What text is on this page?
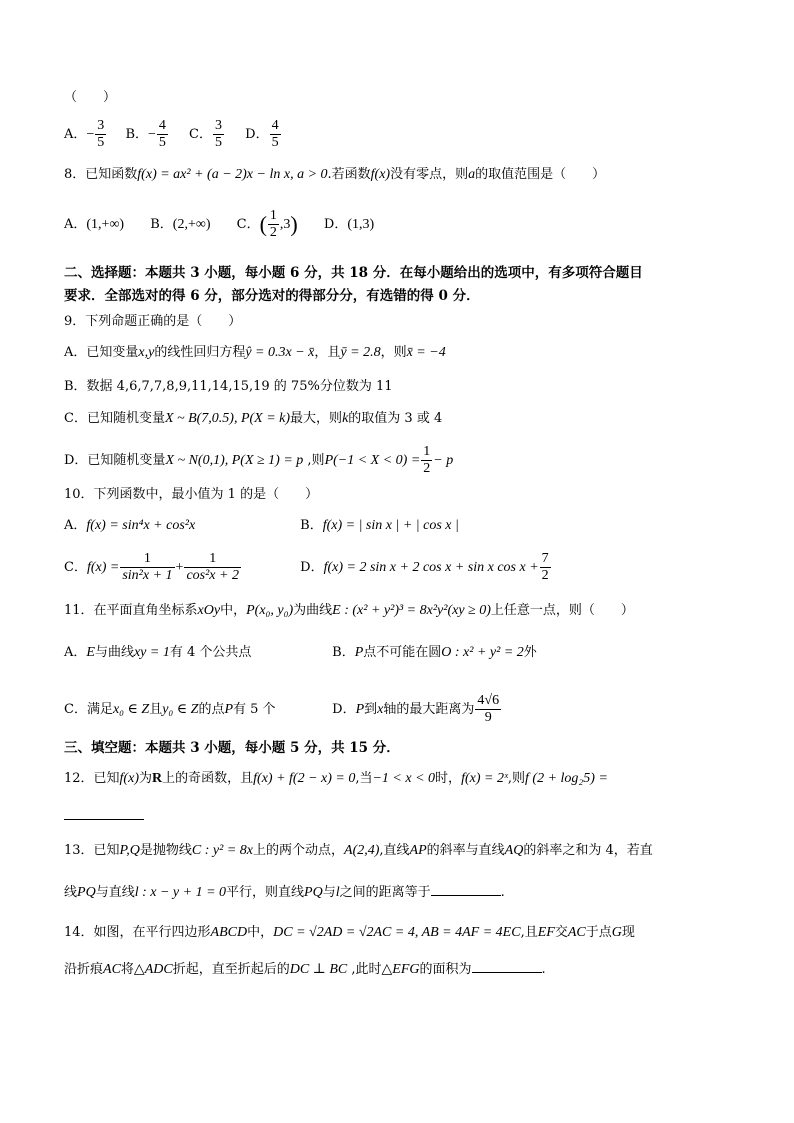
（　　）
A．− $\frac{3}{5}$ B．− $\frac{4}{5}$ C． $\frac{3}{5}$ D． $\frac{4}{5}$
8．已知函数f(x) = ax² + (a − 2)x − ln x, a > 0.若函数f(x)没有零点，则a的取值范围是（　　）
A．(1,+∞) B．(2,+∞) C．( $\frac{1}{2} ,3$) D．(1,3)
二、选择题：本题共 3 小题，每小题 6 分，共 18 分．在每小题给出的选项中，有多项符合题目
要求．全部选对的得 6 分，部分选对的得部分分，有选错的得 0 分．
9．下列命题正确的是（　　）
A．已知变量x,y的线性回归方程ŷ = 0.3x − x̄，且ȳ = 2.8，则x̄ = −4
B．数据 4,6,7,7,8,9,11,14,15,19 的 75%分位数为 11
C．已知随机变量X ~ B(7,0.5), P(X = k)最大，则k的取值为 3 或 4
D．已知随机变量X ~ N(0,1), P(X ≥ 1) = p ,则$P(-1 < X < 0) = \frac{1}{2} - p$
10．下列函数中，最小值为 1 的是（　　）
A．f(x) = sin⁴x + cos²x	B．f(x) = | sin x | + | cos x |
C．$f(x) = \frac{1}{\text{sin²x + 1}} + \frac{1}{\text{cos²x + 2}}$	D．f(x) = 2 sin x + 2 cos x + sin x $\cos x + \frac{7}{2}$
11．在平面直角坐标系xOy中，P(x₀, y₀)为曲线E : (x² + y²)³ = 8x²y²(xy ≥ 0)上任意一点，则（　　）
A．E与曲线xy = 1有 4 个公共点	B．P点不可能在圆O : x² + y² = 2外
C．满足x₀ ∈ Z且y₀ ∈ Z的点P有 5 个	D．P到x轴的最大距离为 $\frac{4√6}{9}$
三、填空题：本题共 3 小题，每小题 5 分，共 15 分．
12．已知f(x)为R上的奇函数，且f(x) + f(2 − x) = 0,当−1 < x < 0时，f(x) = 2ˣ,则f (2 + log₂5) =
13．已知P,Q是抛物线C : y² = 8x上的两个动点，A(2,4),直线AP的斜率与直线AQ的斜率之和为 4，若直
线PQ与直线l : x − y + 1 = 0平行，则直线PQ与l之间的距离等于	.
14．如图，在平行四边形ABCD中，DC = √2AD = √2AC = 4, AB = 4AF = 4EC,且EF交AC于点G现
沿折痕AC将△ADC折起，直至折起后的DC ⊥ BC ,此时△EFG的面积为	.
